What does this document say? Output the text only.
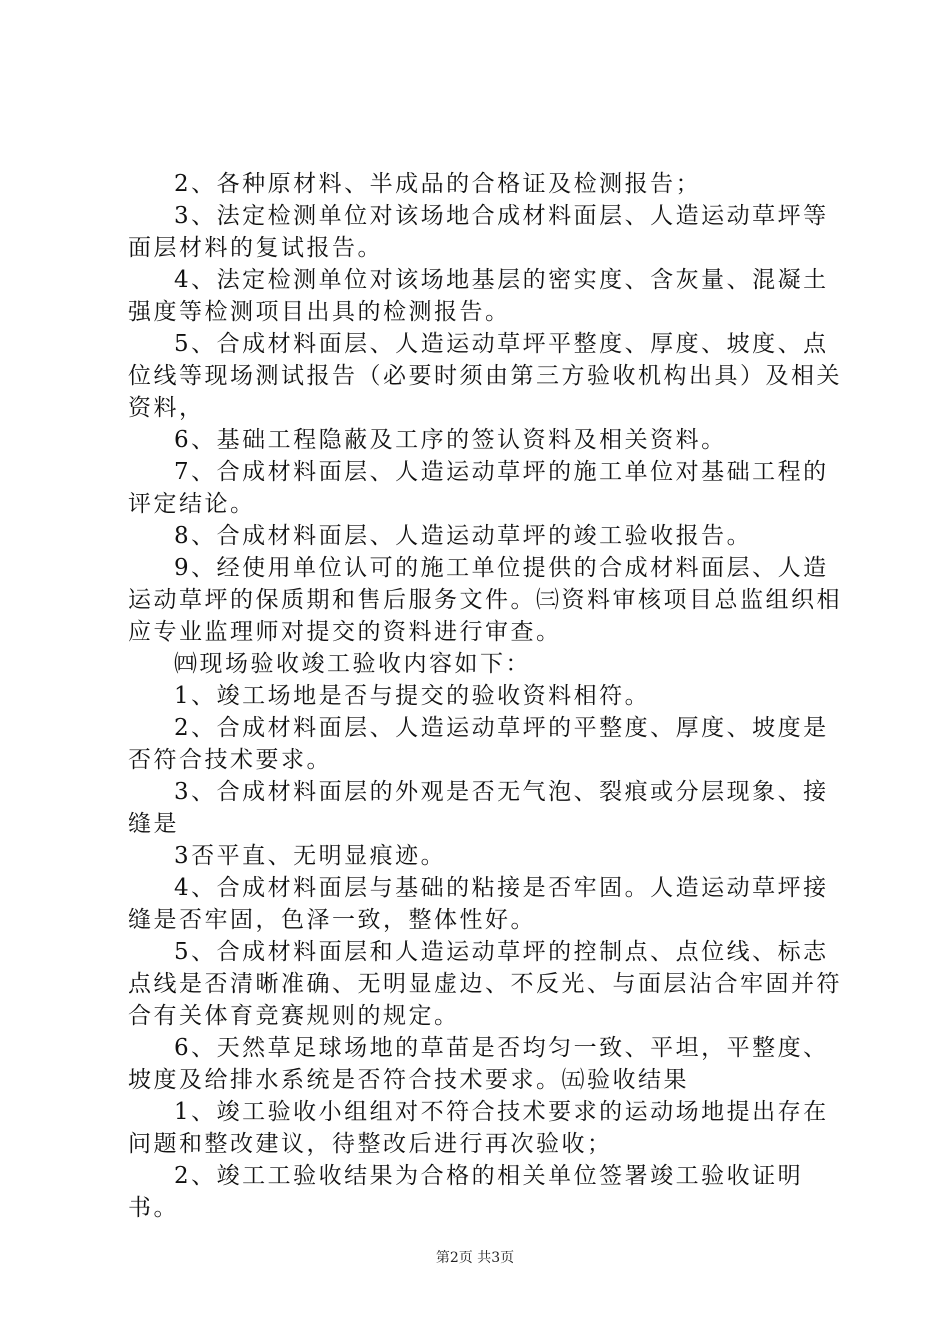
2、各种原材料、半成品的合格证及检测报告；

3、法定检测单位对该场地合成材料面层、人造运动草坪等面层材料的复试报告。

4、法定检测单位对该场地基层的密实度、含灰量、混凝土强度等检测项目出具的检测报告。

5、合成材料面层、人造运动草坪平整度、厚度、坡度、点位线等现场测试报告（必要时须由第三方验收机构出具）及相关资料，

6、基础工程隐蔽及工序的签认资料及相关资料。

7、合成材料面层、人造运动草坪的施工单位对基础工程的评定结论。

8、合成材料面层、人造运动草坪的竣工验收报告。

9、经使用单位认可的施工单位提供的合成材料面层、人造运动草坪的保质期和售后服务文件。㈢资料审核项目总监组织相应专业监理师对提交的资料进行审查。

㈣现场验收竣工验收内容如下：

1、竣工场地是否与提交的验收资料相符。

2、合成材料面层、人造运动草坪的平整度、厚度、坡度是否符合技术要求。

3、合成材料面层的外观是否无气泡、裂痕或分层现象、接缝是

3否平直、无明显痕迹。

4、合成材料面层与基础的粘接是否牢固。人造运动草坪接缝是否牢固，色泽一致，整体性好。

5、合成材料面层和人造运动草坪的控制点、点位线、标志点线是否清晰准确、无明显虚边、不反光、与面层沾合牢固并符合有关体育竞赛规则的规定。

6、天然草足球场地的草苗是否均匀一致、平坦，平整度、坡度及给排水系统是否符合技术要求。㈤验收结果

1、竣工验收小组组对不符合技术要求的运动场地提出存在问题和整改建议，待整改后进行再次验收；

2、竣工工验收结果为合格的相关单位签署竣工验收证明书。

第2页 共3页
